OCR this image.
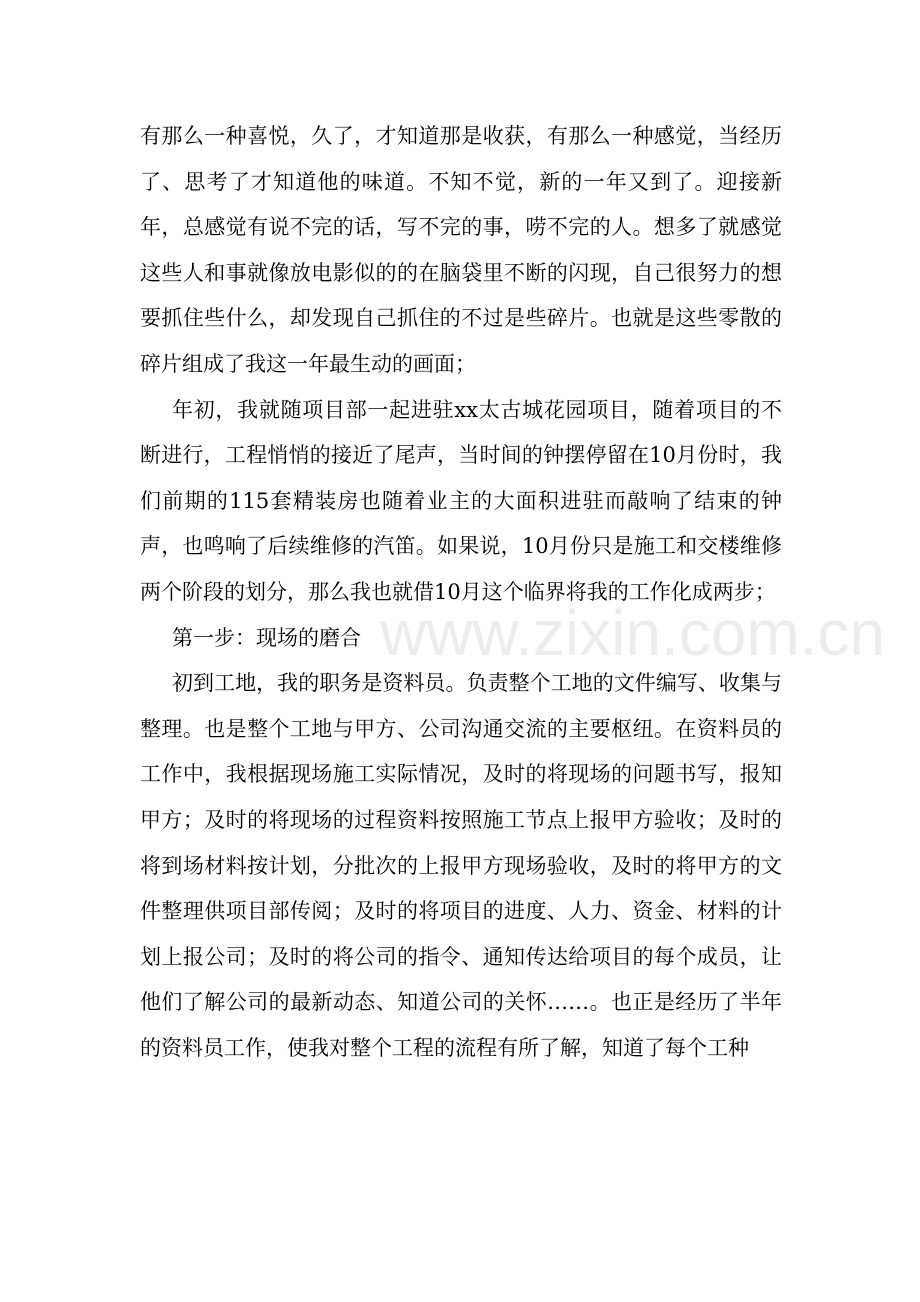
有那么一种喜悦，久了，才知道那是收获，有那么一种感觉，当经历了、思考了才知道他的味道。不知不觉，新的一年又到了。迎接新年，总感觉有说不完的话，写不完的事，唠不完的人。想多了就感觉这些人和事就像放电影似的的在脑袋里不断的闪现，自己很努力的想要抓住些什么，却发现自己抓住的不过是些碎片。也就是这些零散的碎片组成了我这一年最生动的画面；

年初，我就随项目部一起进驻xx太古城花园项目，随着项目的不断进行，工程悄悄的接近了尾声，当时间的钟摆停留在10月份时，我们前期的115套精装房也随着业主的大面积进驻而敲响了结束的钟声，也鸣响了后续维修的汽笛。如果说，10月份只是施工和交楼维修两个阶段的划分，那么我也就借10月这个临界将我的工作化成两步；

第一步：现场的磨合

初到工地，我的职务是资料员。负责整个工地的文件编写、收集与整理。也是整个工地与甲方、公司沟通交流的主要枢纽。在资料员的工作中，我根据现场施工实际情况，及时的将现场的问题书写，报知甲方；及时的将现场的过程资料按照施工节点上报甲方验收；及时的将到场材料按计划，分批次的上报甲方现场验收，及时的将甲方的文件整理供项目部传阅；及时的将项目的进度、人力、资金、材料的计划上报公司；及时的将公司的指令、通知传达给项目的每个成员，让他们了解公司的最新动态、知道公司的关怀……。也正是经历了半年的资料员工作，使我对整个工程的流程有所了解，知道了每个工种

www.zixin.com.cn
